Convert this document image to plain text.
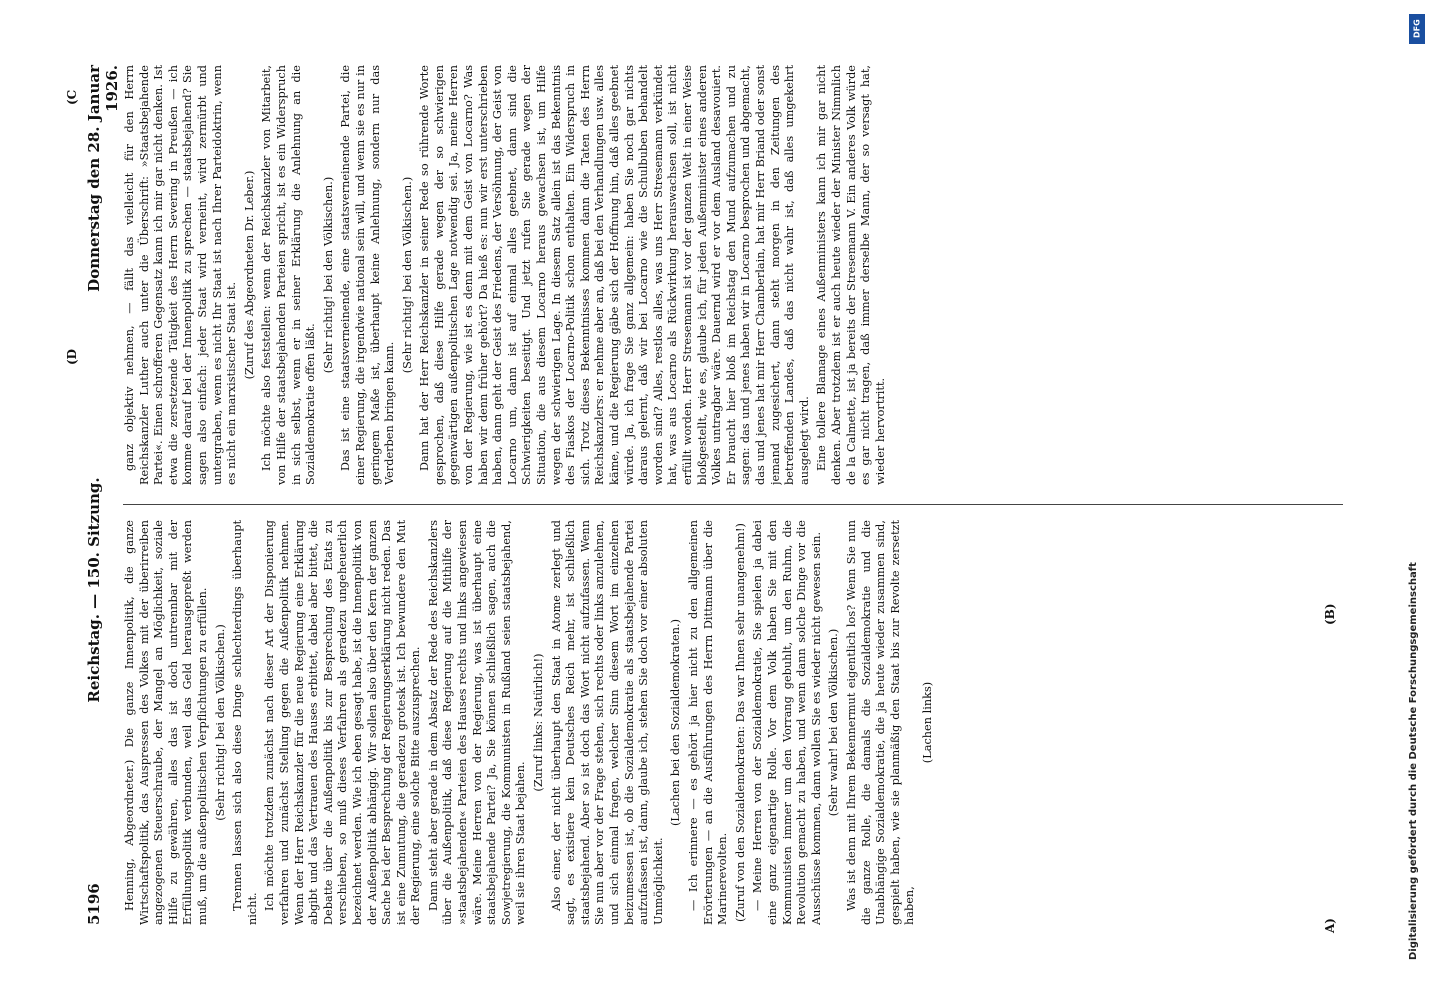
5196
Reichstag. — 150. Sitzung.
Donnerstag den 28. Januar 1926.

Henning, Abgeordneter.) Die ganze Innenpolitik, die ganze Wirtschaftspolitik, das Auspressen des Volkes mit der überirreiben angezogenen Steuerschraube, der Mangel an Möglichkeit, soziale Hilfe zu gewähren, alles das ist doch untrennbar mit der Erfüllungspolitik verbunden, weil das Geld herausgepreßt werden muß, um die außenpolitischen Verpflichtungen zu erfüllen. (Sehr richtig! bei den Völkischen.) Trennen lassen sich also diese Dinge schlechterdings überhaupt nicht. Ich möchte trotzdem zunächst nach dieser Art der Disponierung verfahren und zunächst Stellung gegen die Außenpolitik nehmen. Wenn der Herr Reichskanzler für die neue Regierung eine Erklärung abgibt und das Vertrauen des Hauses erbittet, dabei aber bittet, die Debatte über die Außenpolitik bis zur Besprechung des Etats zu verschieben, so muß dieses Verfahren als geradezu ungeheuerlich bezeichnet werden. Wie ich eben gesagt habe, ist die Innenpolitik von der Außenpolitik abhängig. Wir sollen also über den Kern der ganzen Sache bei der Besprechung der Regierungserklärung nicht reden. Das ist eine Zumutung, die geradezu grotesk ist. Ich bewundere den Mut der Regierung, eine solche Bitte auszusprechen. Dann steht aber gerade in dem Absatz der Rede des Reichskanzlers über die Außenpolitik, daß diese Regierung auf die Mithilfe der »staatsbejahenden« Parteien des Hauses rechts und links angewiesen wäre. Meine Herren von der Regierung, was ist überhaupt eine staatsbejahende Partei? Ja, Sie können schließlich sagen, auch die Sowjetregierung, die Kommunisten in Rußland seien staatsbejahend, weil sie ihren Staat bejahen.

(Zuruf links: Natürlich!) Also einer, der nicht überhaupt den Staat in Atome zerlegt und sagt, es existiere kein Deutsches Reich mehr, ist schließlich staatsbejahend. Aber so ist doch das Wort nicht aufzufassen. Wenn Sie nun aber vor der Frage stehen, sich rechts oder links anzulehnen, und sich einmal fragen, welcher Sinn diesem Wort im einzelnen beizumessen ist, ob die Sozialdemokratie als staatsbejahende Partei aufzufassen ist, dann, glaube ich, stehen Sie doch vor einer absoluten Unmöglichkeit.

(Lachen bei den Sozialdemokraten.) — Ich erinnere — es gehört ja hier nicht zu den allgemeinen Erörterungen — an die Ausführungen des Herrn Dittmann über die Marinerevolten. (Zuruf von den Sozialdemokraten: Das war Ihnen sehr unangenehm!) — Meine Herren von der Sozialdemokratie, Sie spielen ja dabei eine ganz eigenartige Rolle. Vor dem Volk haben Sie mit den Kommunisten immer um den Vorrang gebuhlt, um den Ruhm, die Revolution gemacht zu haben, und wenn dann solche Dinge vor die Ausschüsse kommen, dann wollen Sie es wieder nicht gewesen sein. (Sehr wahr! bei den Völkischen.) Was ist denn mit Ihrem Bekennermut eigentlich los? Wenn Sie nun die ganze Rolle, die damals die Sozialdemokratie und die Unabhängige Sozialdemokratie, die ja heute wieder zusammen sind, gespielt haben, wie sie planmäßig den Staat bis zur Revolte zersetzt haben,

(Lachen links)

ganz objektiv nehmen, — fällt das vielleicht für den Herrn Reichskanzler Luther auch unter die Überschrift: »Staatsbejahende Partei«. Einen schrofferen Gegensatz kann ich mir gar nicht denken. Ist etwa die zersetzende Tätigkeit des Herrn Severing in Preußen — ich komme darauf bei der Innenpolitik zu sprechen — staatsbejahend? Sie sagen also einfach: jeder Staat wird verneint, wird zermürbt und untergraben, wenn es nicht Ihr Staat ist nach Ihrer Parteidoktrin, wenn es nicht ein marxistischer Staat ist.

(Zuruf des Abgeordneten Dr. Leber.) Ich möchte also feststellen: wenn der Reichskanzler von Mitarbeit, von Hilfe der staatsbejahenden Parteien spricht, ist es ein Widerspruch in sich selbst, wenn er in seiner Erklärung die Anlehnung an die Sozialdemokratie offen läßt.

(Sehr richtig! bei den Völkischen.) Das ist eine staatsverneinende, eine staatsverneinende Partei, die einer Regierung, die irgendwie national sein will, und wenn sie es nur in geringem Maße ist, überhaupt keine Anlehnung, sondern nur das Verderben bringen kann.

(Sehr richtig! bei den Völkischen.) Dann hat der Herr Reichskanzler in seiner Rede so rührende Worte gesprochen, daß diese Hilfe gerade wegen der so schwierigen gegenwärtigen außenpolitischen Lage notwendig sei. Ja, meine Herren von der Regierung, wie ist es denn mit dem Geist von Locarno? Was haben wir denn früher gehört? Da hieß es: nun wir erst unterschrieben haben, dann geht der Geist des Friedens, der Versöhnung, der Geist von Locarno um, dann ist auf einmal alles geebnet, dann sind die Schwierigkeiten beseitigt. Und jetzt rufen Sie gerade wegen der Situation, die aus diesem Locarno heraus gewachsen ist, um Hilfe wegen der schwierigen Lage. In diesem Satz allein ist das Bekenntnis des Fiaskos der Locarno-Politik schon enthalten. Ein Widerspruch in sich. Trotz dieses Bekenntnisses kommen dann die Taten des Herrn Reichskanzlers: er nehme aber an, daß bei den Verhandlungen usw. alles käme, und die Regierung gäbe sich der Hoffnung hin, daß alles geebnet würde. Ja, ich frage Sie ganz allgemein: haben Sie noch gar nichts daraus gelernt, daß wir bei Locarno wie die Schulbuben behandelt worden sind? Alles, restlos alles, was uns Herr Stresemann verkündet hat, was aus Locarno als Rückwirkung herauswachsen soll, ist nicht erfüllt worden. Herr Stresemann ist vor der ganzen Welt in einer Weise bloßgestellt, wie es, glaube ich, für jeden Außenminister eines anderen Volkes untragbar wäre. Dauernd wird er vor dem Ausland desavouiert. Er braucht hier bloß im Reichstag den Mund aufzumachen und zu sagen: das und jenes haben wir in Locarno besprochen und abgemacht, das und jenes hat mir Herr Chamberlain, hat mir Herr Briand oder sonst jemand zugesichert, dann steht morgen in den Zeitungen des betreffenden Landes, daß das nicht wahr ist, daß alles umgekehrt ausgelegt wird. Eine tollere Blamage eines Außenministers kann ich mir gar nicht denken. Aber trotzdem ist er auch heute wieder der Minister Nimmlich de la Calmette, ist ja bereits der Stresemann V. Ein anderes Volk würde es gar nicht tragen, daß immer derselbe Mann, der so versagt hat, wieder hervortritt.

A)
(B)
(C
(D
DFG
Digitalisierung gefördert durch die Deutsche Forschungsgemeinschaft
